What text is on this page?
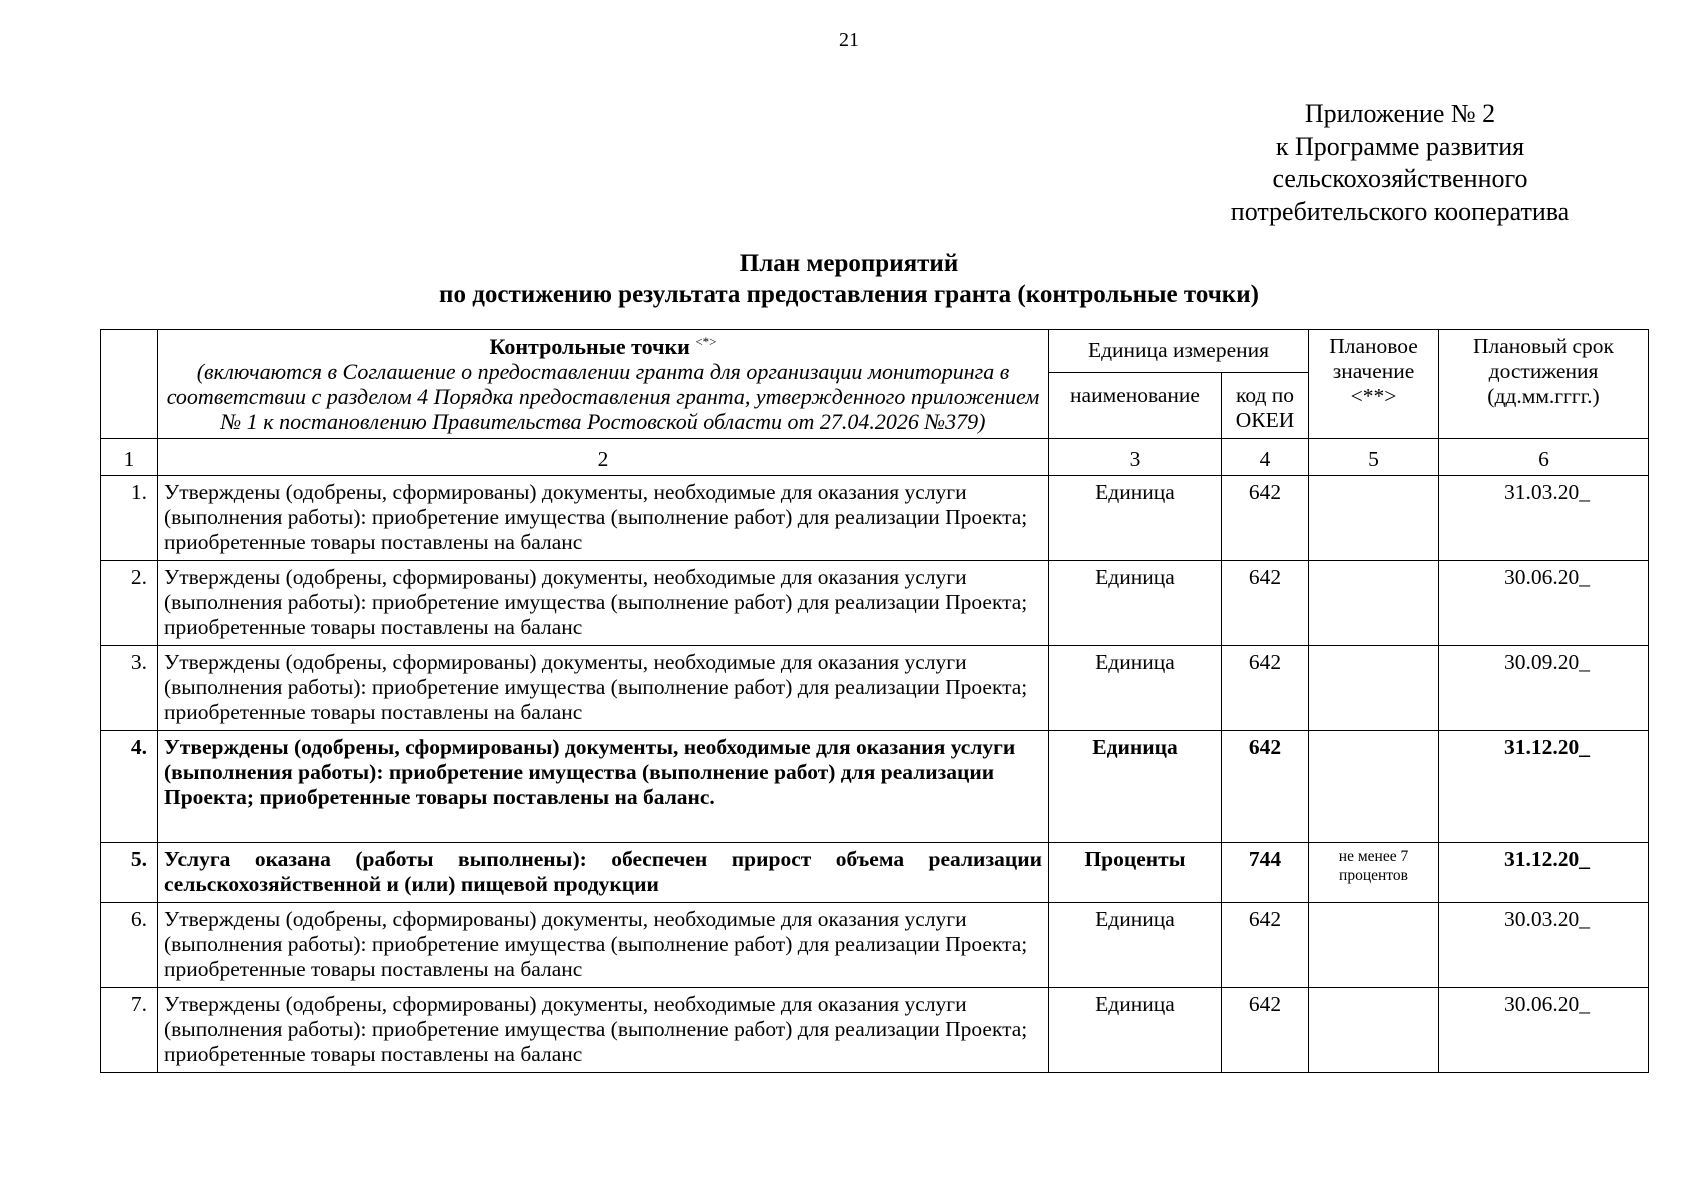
21
Приложение № 2
к Программе развития
сельскохозяйственного
потребительского кооператива
План мероприятий
по достижению результата предоставления гранта (контрольные точки)
	Контрольные точки <*>
(включаются в Соглашение о предоставлении гранта для организации мониторинга в соответствии с разделом 4 Порядка предоставления гранта, утвержденного приложением № 1 к постановлению Правительства Ростовской области от 27.04.2026 №379)	Единица измерения		Плановое значение <**>	Плановый срок достижения (дд.мм.гггг.)
		наименование	код по ОКЕИ		
1	2	3	4	5	6
1.	Утверждены (одобрены, сформированы) документы, необходимые для оказания услуги (выполнения работы): приобретение имущества (выполнение работ) для реализации Проекта; приобретенные товары поставлены на баланс	Единица	642		31.03.20_
2.	Утверждены (одобрены, сформированы) документы, необходимые для оказания услуги (выполнения работы): приобретение имущества (выполнение работ) для реализации Проекта; приобретенные товары поставлены на баланс	Единица	642		30.06.20_
3.	Утверждены (одобрены, сформированы) документы, необходимые для оказания услуги (выполнения работы): приобретение имущества (выполнение работ) для реализации Проекта; приобретенные товары поставлены на баланс	Единица	642		30.09.20_
4.	Утверждены (одобрены, сформированы) документы, необходимые для оказания услуги (выполнения работы): приобретение имущества (выполнение работ) для реализации Проекта; приобретенные товары поставлены на баланс.	Единица	642		31.12.20_
5.	Услуга оказана (работы выполнены): обеспечен прирост объема реализации сельскохозяйственной и (или) пищевой продукции	Проценты	744	не менее 7 процентов	31.12.20_
6.	Утверждены (одобрены, сформированы) документы, необходимые для оказания услуги (выполнения работы): приобретение имущества (выполнение работ) для реализации Проекта; приобретенные товары поставлены на баланс	Единица	642		30.03.20_
7.	Утверждены (одобрены, сформированы) документы, необходимые для оказания услуги (выполнения работы): приобретение имущества (выполнение работ) для реализации Проекта; приобретенные товары поставлены на баланс	Единица	642		30.06.20_
